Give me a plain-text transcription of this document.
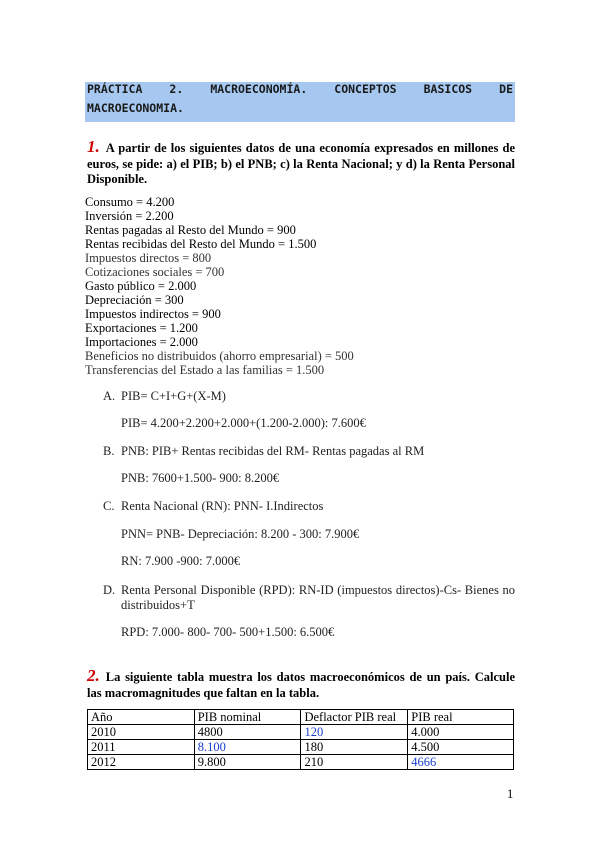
PRÁCTICA 2. MACROECONOMÍA. CONCEPTOS BASICOS DE
MACROECONOMIA.
1. A partir de los siguientes datos de una economía expresados en millones de euros, se pide: a) el PIB; b) el PNB; c) la Renta Nacional; y d) la Renta Personal Disponible.
Consumo = 4.200
Inversión = 2.200
Rentas pagadas al Resto del Mundo = 900
Rentas recibidas del Resto del Mundo = 1.500
Impuestos directos = 800
Cotizaciones sociales = 700
Gasto público = 2.000
Depreciación = 300
Impuestos indirectos = 900
Exportaciones = 1.200
Importaciones = 2.000
Beneficios no distribuidos (ahorro empresarial) = 500
Transferencias del Estado a las familias = 1.500
A. PIB= C+I+G+(X-M)
PIB= 4.200+2.200+2.000+(1.200-2.000): 7.600€
B. PNB: PIB+ Rentas recibidas del RM- Rentas pagadas al RM
PNB: 7600+1.500- 900: 8.200€
C. Renta Nacional (RN): PNN- I.Indirectos
PNN= PNB- Depreciación: 8.200 - 300: 7.900€
RN: 7.900 -900: 7.000€
D. Renta Personal Disponible (RPD): RN-ID (impuestos directos)-Cs- Bienes no distribuidos+T
RPD: 7.000- 800- 700- 500+1.500: 6.500€
2. La siguiente tabla muestra los datos macroeconómicos de un país. Calcule las macromagnitudes que faltan en la tabla.
Año	PIB nominal	Deflactor PIB real	PIB real
2010	4800	120	4.000
2011	8.100	180	4.500
2012	9.800	210	4666
1
